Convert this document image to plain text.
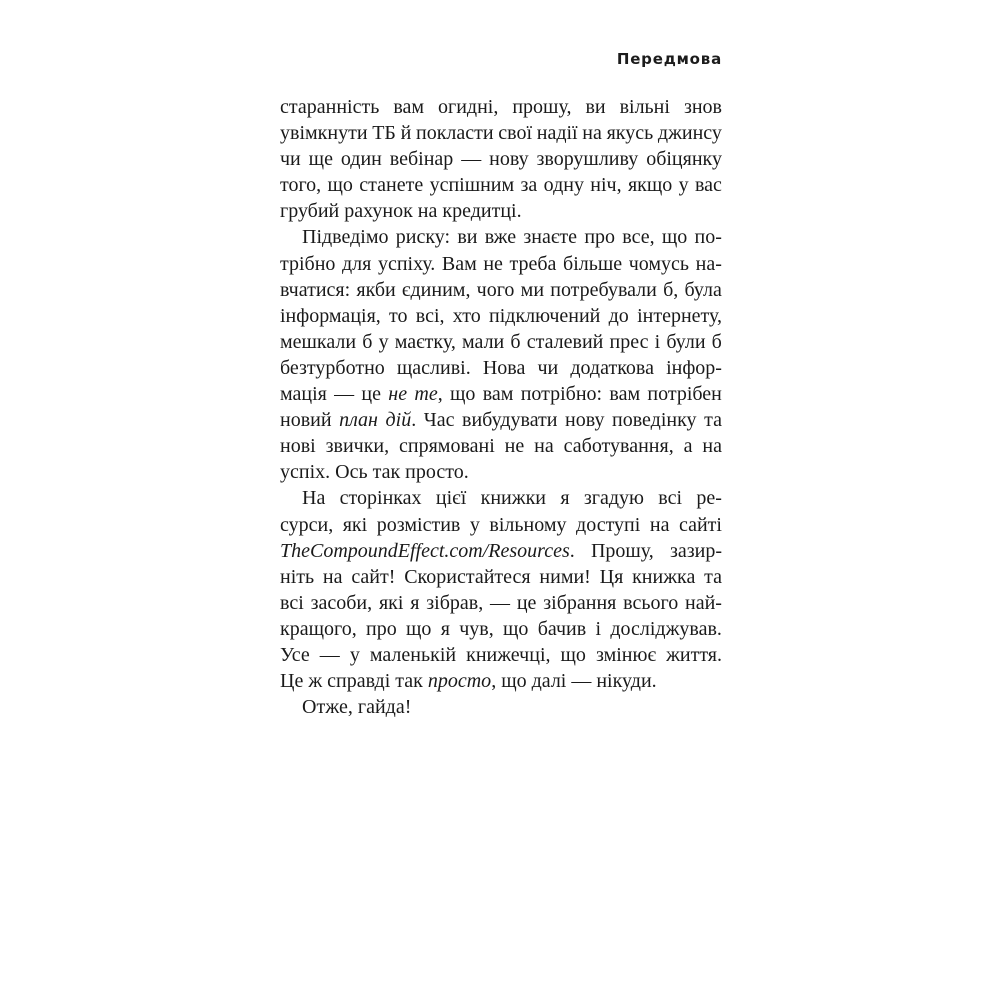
Передмова
старанність вам огидні, прошу, ви вільні знов
увімкнути ТБ й покласти свої надії на якусь джинсу
чи ще один вебінар — нову зворушливу обіцянку
того, що станете успішним за одну ніч, якщо у вас
грубий рахунок на кредитці.
Підведімо риску: ви вже знаєте про все, що по-
трібно для успіху. Вам не треба більше чомусь на-
вчатися: якби єдиним, чого ми потребували б, була
інформація, то всі, хто підключений до інтернету,
мешкали б у маєтку, мали б сталевий прес і були б
безтурботно щасливі. Нова чи додаткова інфор-
мація — це не те, що вам потрібно: вам потрібен
новий план дій. Час вибудувати нову поведінку та
нові звички, спрямовані не на саботування, а на
успіх. Ось так просто.
На сторінках цієї книжки я згадую всі ре-
сурси, які розмістив у вільному доступі на сайті
TheCompoundEffect.com/Resources. Прошу, зазир-
ніть на сайт! Скористайтеся ними! Ця книжка та
всі засоби, які я зібрав, — це зібрання всього най-
кращого, про що я чув, що бачив і досліджував.
Усе — у маленькій книжечці, що змінює життя.
Це ж справді так просто, що далі — нікуди.
Отже, гайда!
